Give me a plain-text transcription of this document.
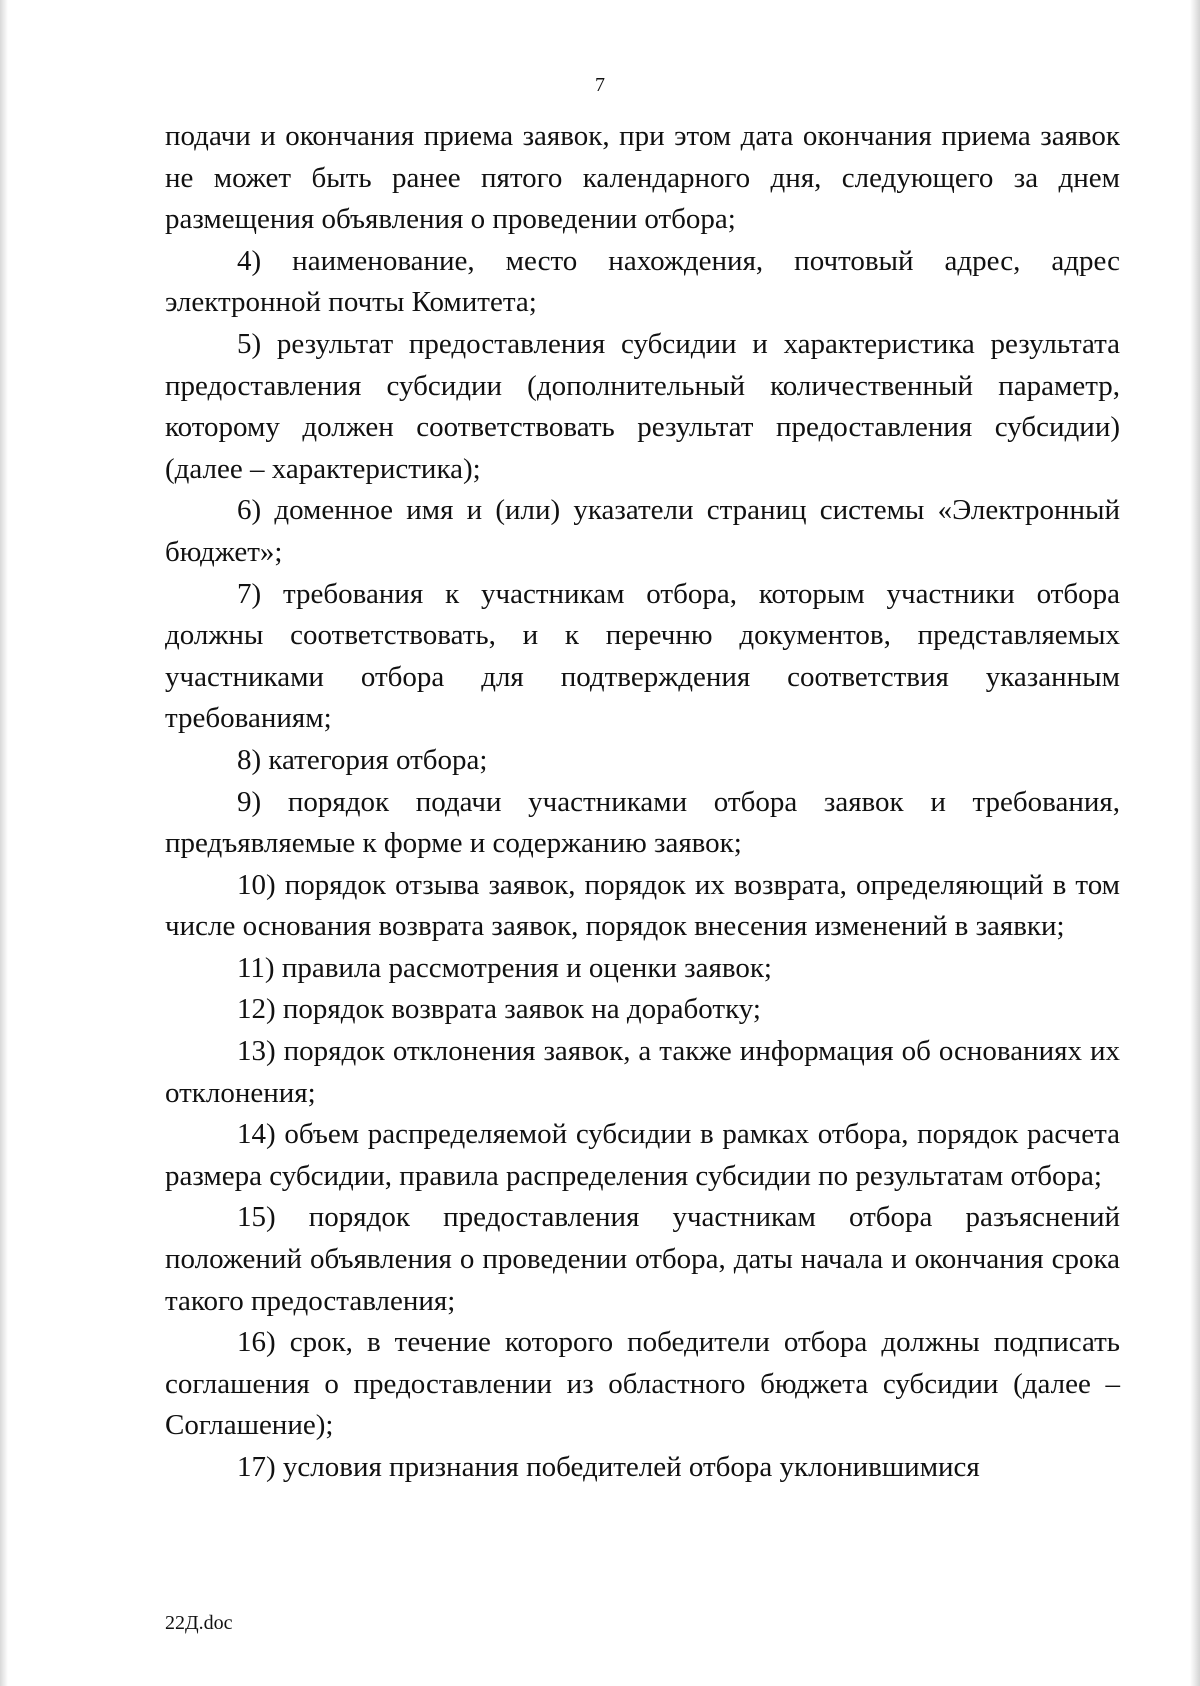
7

подачи и окончания приема заявок, при этом дата окончания приема заявок не может быть ранее пятого календарного дня, следующего за днем размещения объявления о проведении отбора;

4) наименование, место нахождения, почтовый адрес, адрес электронной почты Комитета;

5) результат предоставления субсидии и характеристика результата предоставления субсидии (дополнительный количественный параметр, которому должен соответствовать результат предоставления субсидии) (далее – характеристика);

6) доменное имя и (или) указатели страниц системы «Электронный бюджет»;

7) требования к участникам отбора, которым участники отбора должны соответствовать, и к перечню документов, представляемых участниками отбора для подтверждения соответствия указанным требованиям;

8) категория отбора;

9) порядок подачи участниками отбора заявок и требования, предъявляемые к форме и содержанию заявок;

10) порядок отзыва заявок, порядок их возврата, определяющий в том числе основания возврата заявок, порядок внесения изменений в заявки;

11) правила рассмотрения и оценки заявок;

12) порядок возврата заявок на доработку;

13) порядок отклонения заявок, а также информация об основаниях их отклонения;

14) объем распределяемой субсидии в рамках отбора, порядок расчета размера субсидии, правила распределения субсидии по результатам отбора;

15) порядок предоставления участникам отбора разъяснений положений объявления о проведении отбора, даты начала и окончания срока такого предоставления;

16) срок, в течение которого победители отбора должны подписать соглашения о предоставлении из областного бюджета субсидии (далее – Соглашение);

17) условия признания победителей отбора уклонившимися

22Д.doc
